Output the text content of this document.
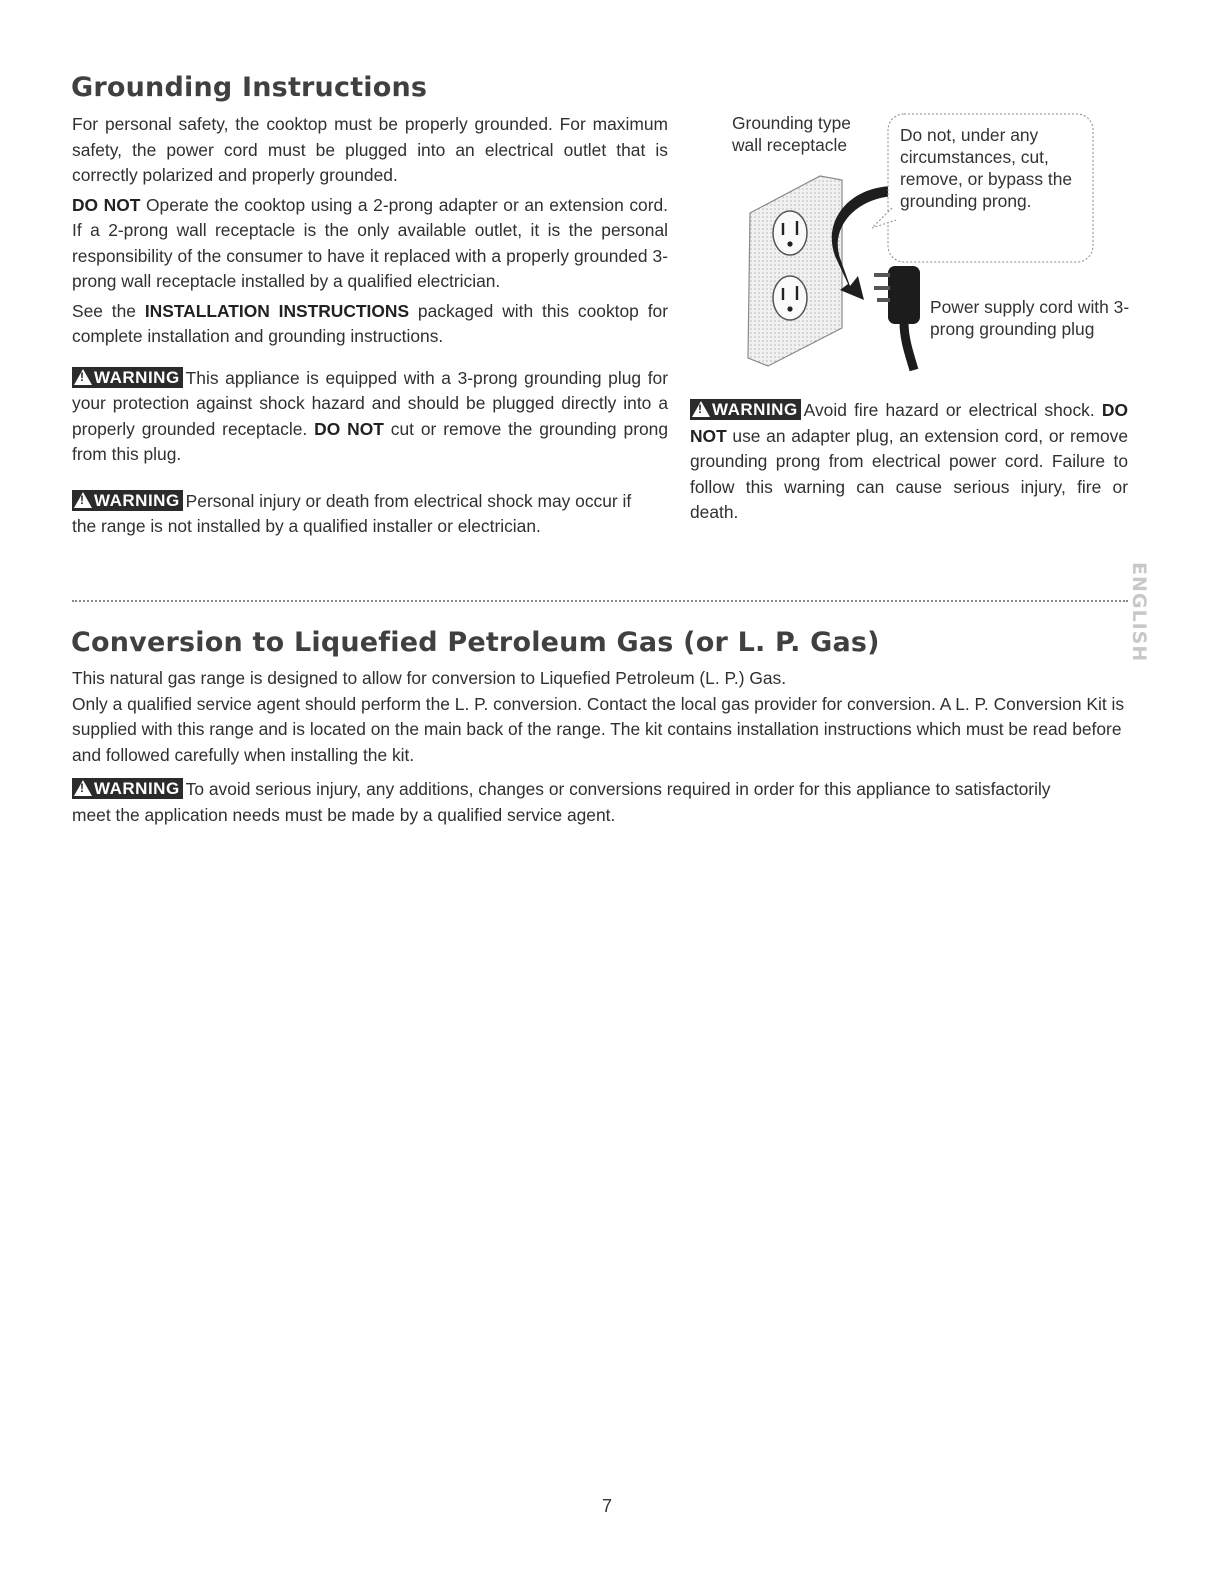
Grounding Instructions

For personal safety, the cooktop must be properly grounded. For maximum safety, the power cord must be plugged into an electrical outlet that is correctly polarized and properly grounded.

DO NOT Operate the cooktop using a 2-prong adapter or an extension cord. If a 2-prong wall receptacle is the only available outlet, it is the personal responsibility of the consumer to have it replaced with a properly grounded 3-prong wall receptacle installed by a qualified electrician.

See the INSTALLATION INSTRUCTIONS packaged with this cooktop for complete installation and grounding instructions.

!WARNING This appliance is equipped with a 3-prong grounding plug for your protection against shock hazard and should be plugged directly into a properly grounded receptacle. DO NOT cut or remove the grounding prong from this plug.

!WARNING Personal injury or death from electrical shock may occur if the range is not installed by a qualified installer or electrician.

Grounding type wall receptacle	Do not, under any circumstances, cut, remove, or bypass the grounding prong.

Power supply cord with 3-prong grounding plug

!WARNING Avoid fire hazard or electrical shock. DO NOT use an adapter plug, an extension cord, or remove grounding prong from electrical power cord. Failure to follow this warning can cause serious injury, fire or death.

ENGLISH
Conversion to Liquefied Petroleum Gas (or L. P. Gas)

This natural gas range is designed to allow for conversion to Liquefied Petroleum (L. P.) Gas.

Only a qualified service agent should perform the L. P. conversion. Contact the local gas provider for conversion. A L. P. Conversion Kit is supplied with this range and is located on the main back of the range. The kit contains installation instructions which must be read before and followed carefully when installing the kit.

!WARNING To avoid serious injury, any additions, changes or conversions required in order for this appliance to satisfactorily meet the application needs must be made by a qualified service agent.

7
